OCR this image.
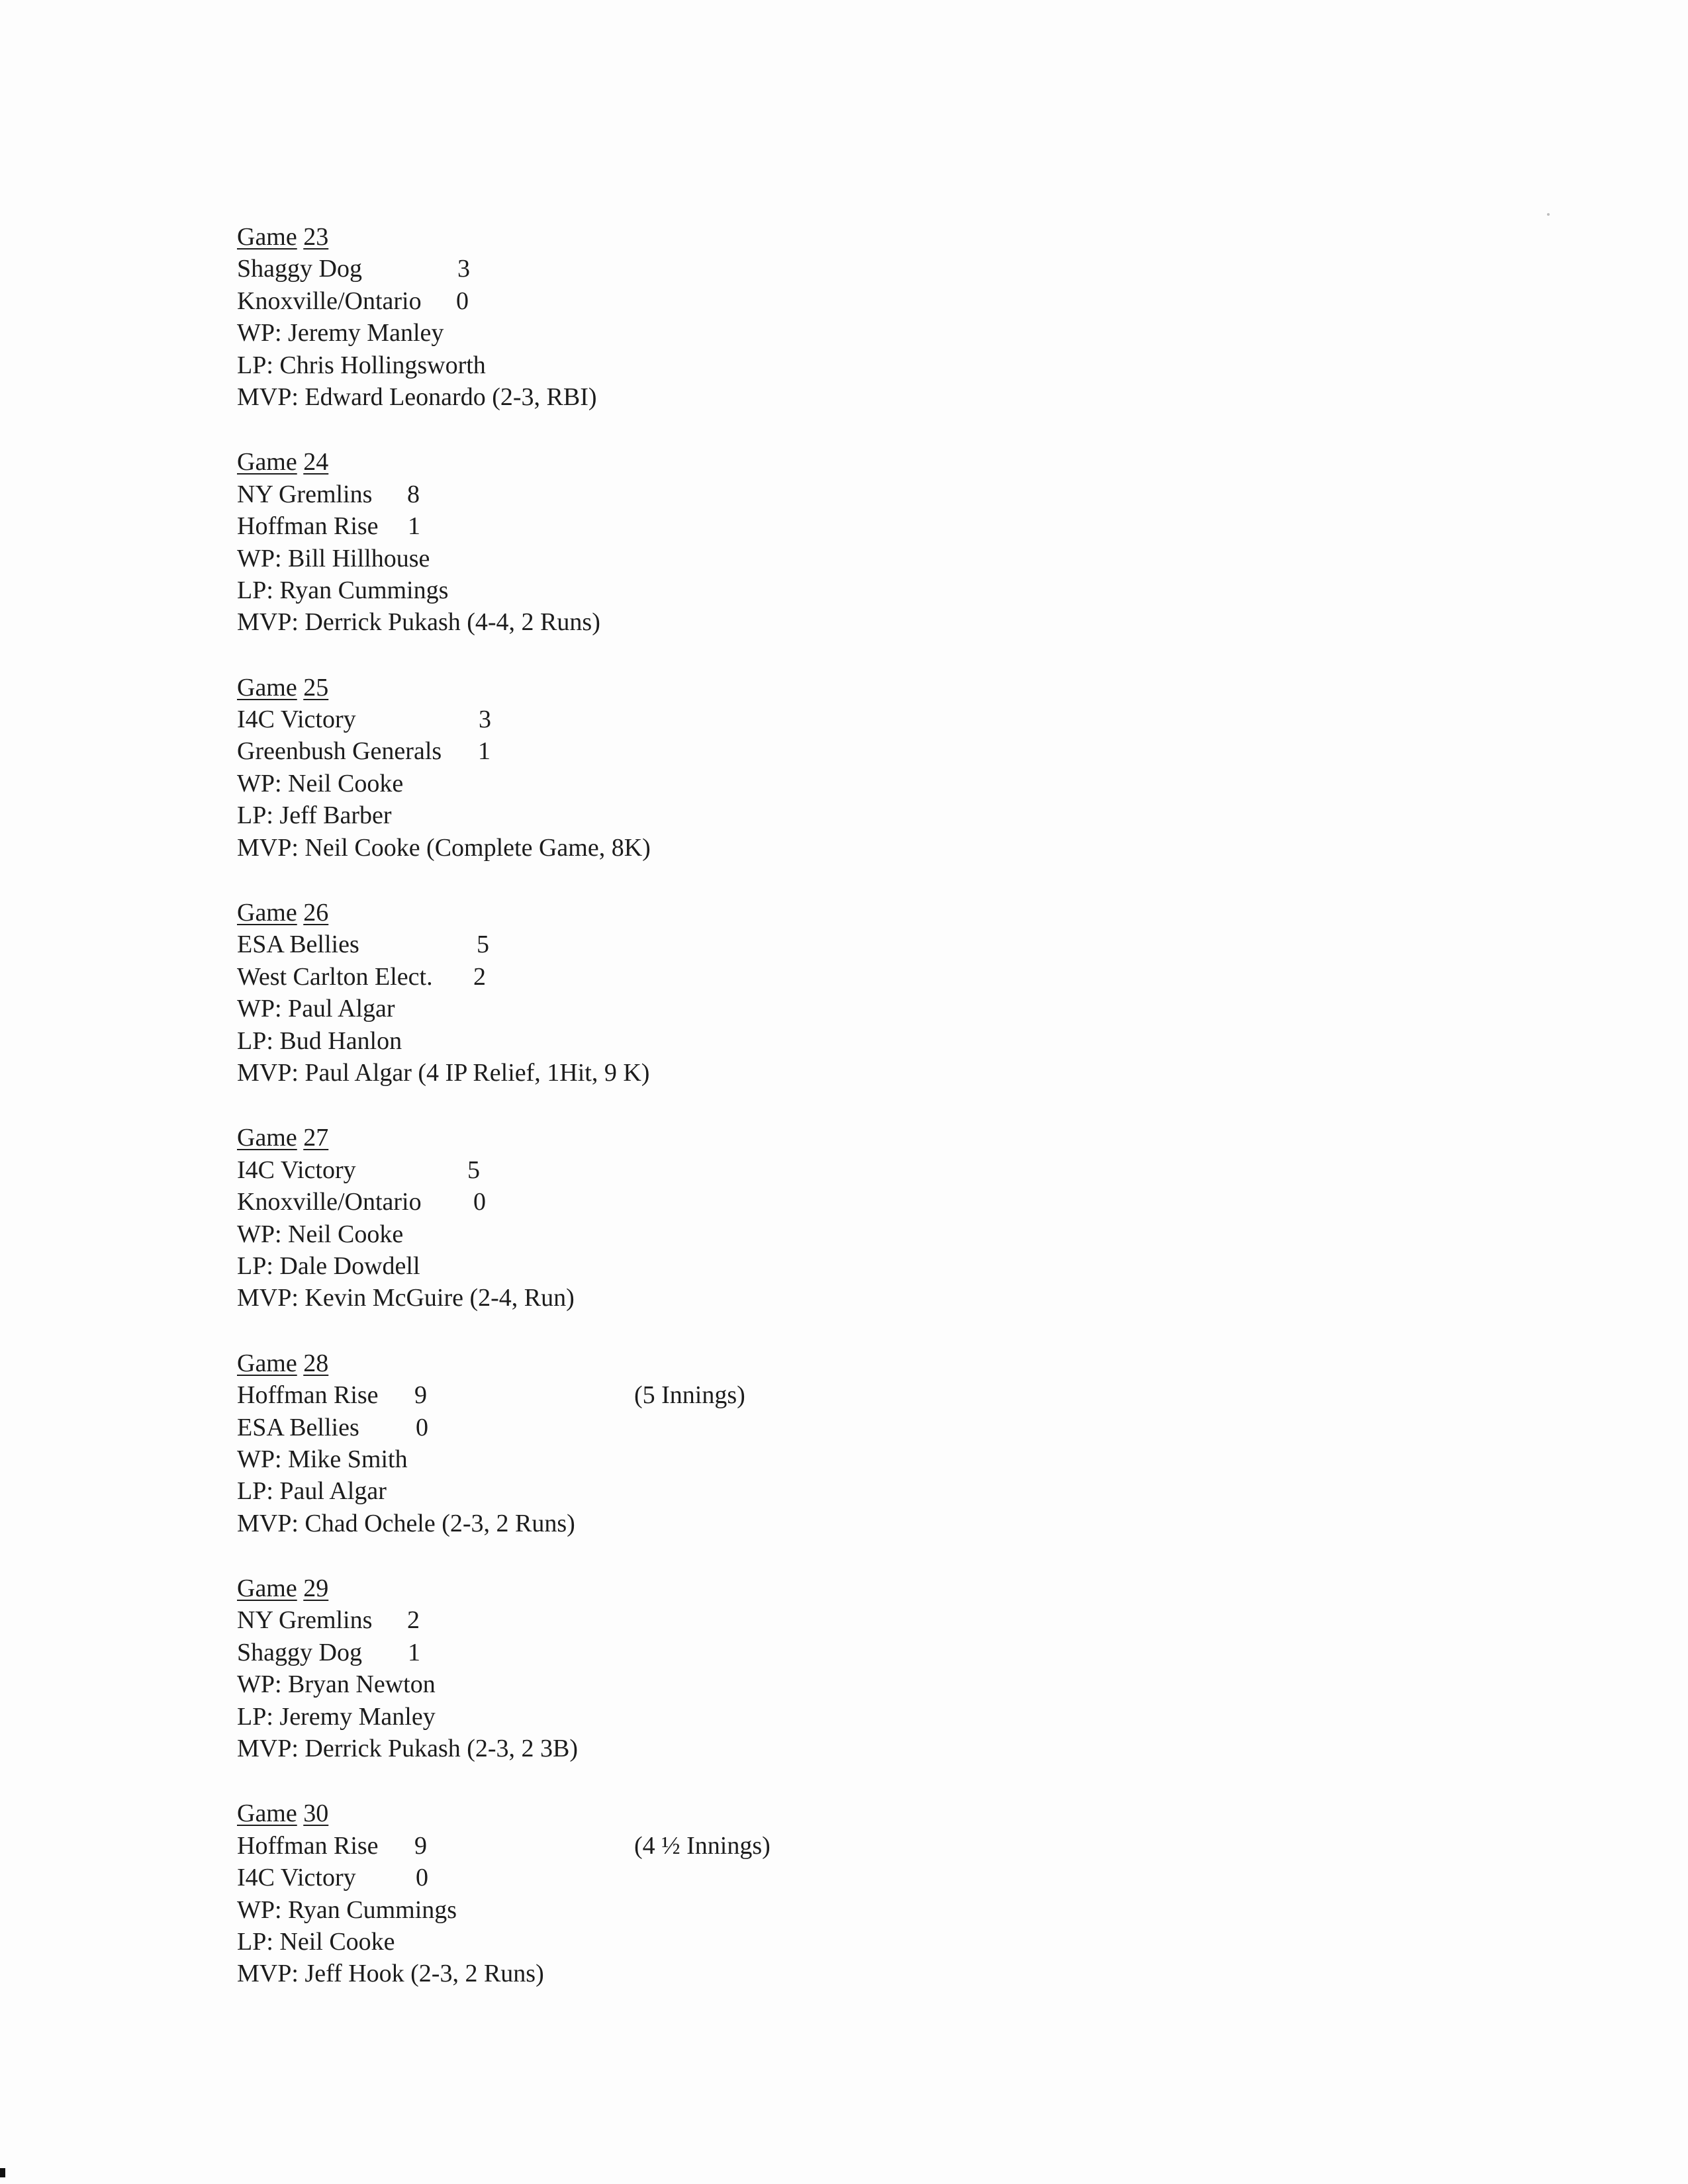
Game 23
Shaggy Dog	3
Knoxville/Ontario 0
WP: Jeremy Manley
LP: Chris Hollingsworth
MVP: Edward Leonardo (2-3, RBI)
Game 24
NY Gremlins 8
Hoffman Rise 1
WP: Bill Hillhouse
LP: Ryan Cummings
MVP: Derrick Pukash (4-4, 2 Runs)
Game 25
I4C Victory	3
Greenbush Generals 1
WP: Neil Cooke
LP: Jeff Barber
MVP: Neil Cooke (Complete Game, 8K)
Game 26
ESA Bellies	5
West Carlton Elect. 2
WP: Paul Algar
LP: Bud Hanlon
MVP: Paul Algar (4 IP Relief, 1Hit, 9 K)
Game 27
I4C Victory	5
Knoxville/Ontario 0
WP: Neil Cooke
LP: Dale Dowdell
MVP: Kevin McGuire (2-4, Run)
Game 28
Hoffman Rise 9	(5 Innings)
ESA Bellies 0
WP: Mike Smith
LP: Paul Algar
MVP: Chad Ochele (2-3, 2 Runs)
Game 29
NY Gremlins 2
Shaggy Dog 1
WP: Bryan Newton
LP: Jeremy Manley
MVP: Derrick Pukash (2-3, 2 3B)
Game 30
Hoffman Rise 9	(4 ½ Innings)
I4C Victory 0
WP: Ryan Cummings
LP: Neil Cooke
MVP: Jeff Hook (2-3, 2 Runs)
